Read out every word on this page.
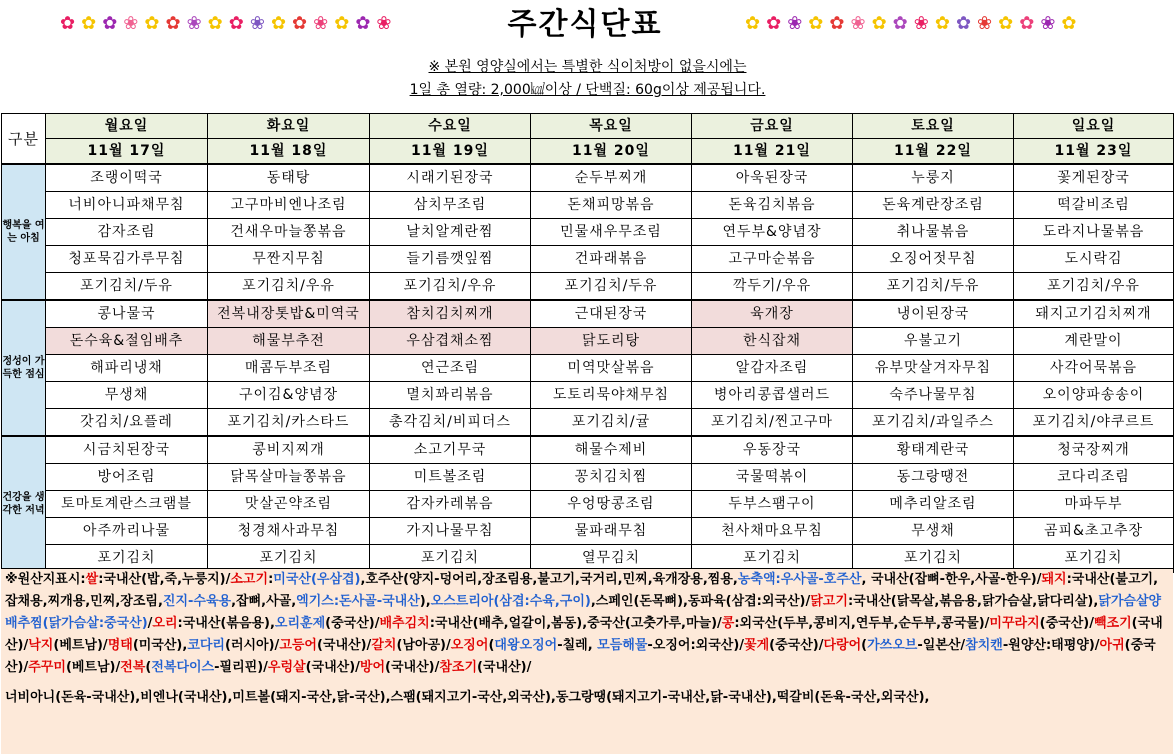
✿ ✿ ✿ ❀ ✿ ✿ ❀ ✿ ✿ ❀ ✿ ✿ ❀ ✿ ✿ ❀	주간식단표	✿ ✿ ❀ ✿ ✿ ❀ ✿ ✿ ❀ ✿ ✿ ❀ ✿ ✿ ❀ ✿
※ 본원 영양실에서는 특별한 식이처방이 없을시에는
1일 총 열량: 2,000㎉이상 / 단백질: 60g이상 제공됩니다.
구분	월요일	화요일	수요일	목요일	금요일	토요일	일요일
	11월 17일	11월 18일	11월 19일	11월 20일	11월 21일	11월 22일	11월 23일
행복을 여는 아침	조랭이떡국	동태탕	시래기된장국	순두부찌개	아욱된장국	누룽지	꽃게된장국
	너비아니파채무침	고구마비엔나조림	삼치무조림	돈채피망볶음	돈육김치볶음	돈육계란장조림	떡갈비조림
	감자조림	건새우마늘쫑볶음	날치알계란찜	민물새우무조림	연두부&양념장	취나물볶음	도라지나물볶음
	청포묵김가루무침	무짠지무침	들기름깻잎찜	건파래볶음	고구마순볶음	오징어젓무침	도시락김
	포기김치/두유	포기김치/우유	포기김치/우유	포기김치/두유	깍두기/우유	포기김치/두유	포기김치/우유
정성이 가득한 점심	콩나물국	전복내장톳밥&미역국	참치김치찌개	근대된장국	육개장	냉이된장국	돼지고기김치찌개
	돈수육&절임배추	해물부추전	우삼겹채소찜	닭도리탕	한식잡채	우불고기	계란말이
	해파리냉채	매콤두부조림	연근조림	미역맛살볶음	알감자조림	유부맛살겨자무침	사각어묵볶음
	무생채	구이김&양념장	멸치꽈리볶음	도토리묵야채무침	병아리콩콥샐러드	숙주나물무침	오이양파송송이
	갓김치/요플레	포기김치/카스타드	총각김치/비피더스	포기김치/귤	포기김치/찐고구마	포기김치/과일주스	포기김치/야쿠르트
건강을 생각한 저녁	시금치된장국	콩비지찌개	소고기무국	해물수제비	우동장국	황태계란국	청국장찌개
	방어조림	닭목살마늘쫑볶음	미트볼조림	꽁치김치찜	국물떡볶이	동그랑땡전	코다리조림
	토마토계란스크램블	맛살곤약조림	감자카레볶음	우엉땅콩조림	두부스팸구이	메추리알조림	마파두부
	아주까리나물	청경채사과무침	가지나물무침	물파래무침	천사채마요무침	무생채	곰피&초고추장
	포기김치	포기김치	포기김치	열무김치	포기김치	포기김치	포기김치
※원산지표시:쌀:국내산(밥,죽,누룽지)/소고기:미국산(우삼겹),호주산(양지-덩어리,장조림용,불고기,국거리,민찌,육개장용,찜용,농축액:우사골-호주산, 국내산(잡뼈-한우,사골-한우)/돼지:국내산(불고기,잡채용,찌개용,민찌,장조림,진지-수육용,잡뼈,사골,엑기스:돈사골-국내산),오스트리아(삼겹:수육,구이),스페인(돈목뼈),동파육(삼겹:외국산)/닭고기:국내산(닭목살,볶음용,닭가슴살,닭다리살),닭가슴살양배추찜(닭가슴살:중국산)/오리:국내산(볶음용),오리훈제(중국산)/배추김치:국내산(배추,얼갈이,봄동),중국산(고춧가루,마늘)/콩:외국산(두부,콩비지,연두부,순두부,콩국물)/미꾸라지(중국산)/빽조기(국내산)/낙지(베트남)/명태(미국산),코다리(러시아)/고등어(국내산)/갈치(남아공)/오징어(대왕오징어-칠레, 모듬해물-오징어:외국산)/꽃게(중국산)/다랑어(가쓰오브-일본산/참치캔-원양산:태평양)/아귀(중국산)/주꾸미(베트남)/전복(전복다이스-필리핀)/우렁살(국내산)/방어(국내산)/참조기(국내산)/
너비아니(돈육-국내산),비엔나(국내산),미트볼(돼지-국산,닭-국산),스팸(돼지고기-국산,외국산),동그랑땡(돼지고기-국내산,닭-국내산),떡갈비(돈육-국산,외국산),
